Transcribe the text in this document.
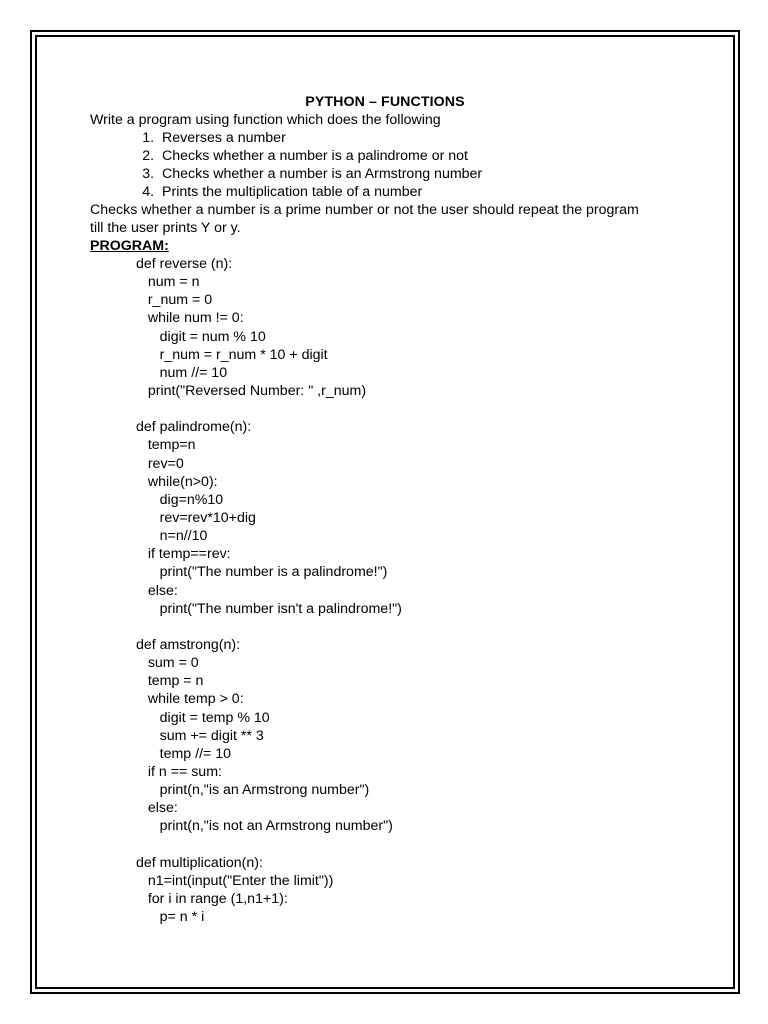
PYTHON – FUNCTIONS
Write a program using function which does the following
1. Reverses a number
2. Checks whether a number is a palindrome or not
3. Checks whether a number is an Armstrong number
4. Prints the multiplication table of a number
Checks whether a number is a prime number or not the user should repeat the program
till the user prints Y or y.
PROGRAM:
def reverse (n):
num = n
r_num = 0
while num != 0:
digit = num % 10
r_num = r_num * 10 + digit
num //= 10
print("Reversed Number: " ,r_num)
def palindrome(n):
temp=n
rev=0
while(n>0):
dig=n%10
rev=rev*10+dig
n=n//10
if temp==rev:
print("The number is a palindrome!")
else:
print("The number isn't a palindrome!")
def amstrong(n):
sum = 0
temp = n
while temp > 0:
digit = temp % 10
sum += digit ** 3
temp //= 10
if n == sum:
print(n,"is an Armstrong number")
else:
print(n,"is not an Armstrong number")
def multiplication(n):
n1=int(input("Enter the limit"))
for i in range (1,n1+1):
p= n * i
